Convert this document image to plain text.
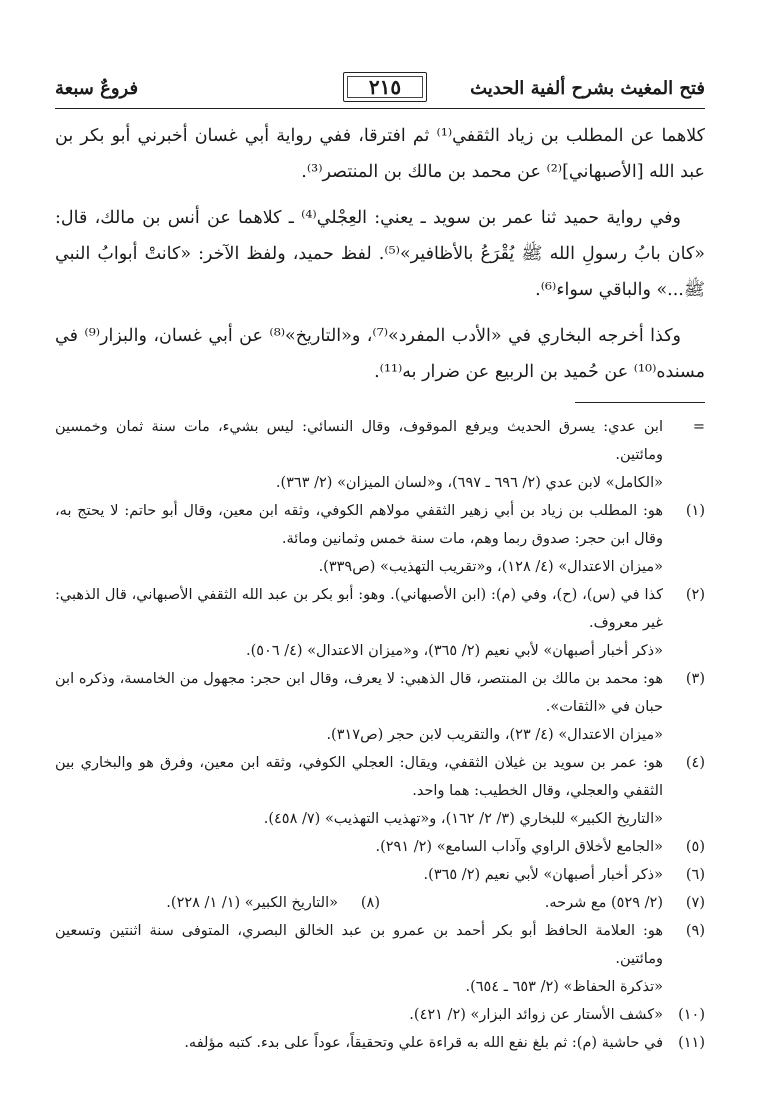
فتح المغيث بشرح ألفية الحديث
٢١٥
فروعٌ سبعة

كلاهما عن المطلب بن زياد الثقفي⁽¹⁾ ثم افترقا، ففي رواية أبي غسان أخبرني أبو بكر بن عبد الله [الأصبهاني]⁽²⁾ عن محمد بن مالك بن المنتصر⁽³⁾.

وفي رواية حميد ثنا عمر بن سويد ـ يعني: العِجْلي⁽⁴⁾ ـ كلاهما عن أنس بن مالك، قال: «كان بابُ رسولِ الله ﷺ يُقْرَعُ بالأظافير»⁽⁵⁾. لفظ حميد، ولفظ الآخر: «كانتْ أبوابُ النبي ﷺ...» والباقي سواء⁽⁶⁾.

وكذا أخرجه البخاري في «الأدب المفرد»⁽⁷⁾، و«التاريخ»⁽⁸⁾ عن أبي غسان، والبزار⁽⁹⁾ في مسنده⁽¹⁰⁾ عن حُميد بن الربيع عن ضرار به⁽¹¹⁾.

=
ابن عدي: يسرق الحديث ويرفع الموقوف، وقال النسائي: ليس بشيء، مات سنة ثمان وخمسين ومائتين.
«الكامل» لابن عدي (٢/ ٦٩٦ ـ ٦٩٧)، و«لسان الميزان» (٢/ ٣٦٣).
(١)
هو: المطلب بن زياد بن أبي زهير الثقفي مولاهم الكوفي، وثقه ابن معين، وقال أبو حاتم: لا يحتج به، وقال ابن حجر: صدوق ربما وهم، مات سنة خمس وثمانين ومائة.
«ميزان الاعتدال» (٤/ ١٢٨)، و«تقريب التهذيب» (ص٣٣٩).
(٢)
كذا في (س)، (ح)، وفي (م): (ابن الأصبهاني). وهو: أبو بكر بن عبد الله الثقفي الأصبهاني، قال الذهبي: غير معروف.
«ذكر أخبار أصبهان» لأبي نعيم (٢/ ٣٦٥)، و«ميزان الاعتدال» (٤/ ٥٠٦).
(٣)
هو: محمد بن مالك بن المنتصر، قال الذهبي: لا يعرف، وقال ابن حجر: مجهول من الخامسة، وذكره ابن حبان في «الثقات».
«ميزان الاعتدال» (٤/ ٢٣)، والتقريب لابن حجر (ص٣١٧).
(٤)
هو: عمر بن سويد بن غيلان الثقفي، ويقال: العجلي الكوفي، وثقه ابن معين، وفرق هو والبخاري بين الثقفي والعجلي، وقال الخطيب: هما واحد.
«التاريخ الكبير» للبخاري (٣/ ٢/ ١٦٢)، و«تهذيب التهذيب» (٧/ ٤٥٨).
(٥)
«الجامع لأخلاق الراوي وآداب السامع» (٢/ ٢٩١).
(٦)
«ذكر أخبار أصبهان» لأبي نعيم (٢/ ٣٦٥).
(٧)
(٢/ ٥٢٩) مع شرحه.
(٨)
«التاريخ الكبير» (١/ ١/ ٢٢٨).
(٩)
هو: العلامة الحافظ أبو بكر أحمد بن عمرو بن عبد الخالق البصري، المتوفى سنة اثنتين وتسعين ومائتين.
«تذكرة الحفاظ» (٢/ ٦٥٣ ـ ٦٥٤).
(١٠)
«كشف الأستار عن زوائد البزار» (٢/ ٤٢١).
(١١)
في حاشية (م): ثم بلغ نفع الله به قراءة علي وتحقيقاً، عوداً على بدء. كتبه مؤلفه.
